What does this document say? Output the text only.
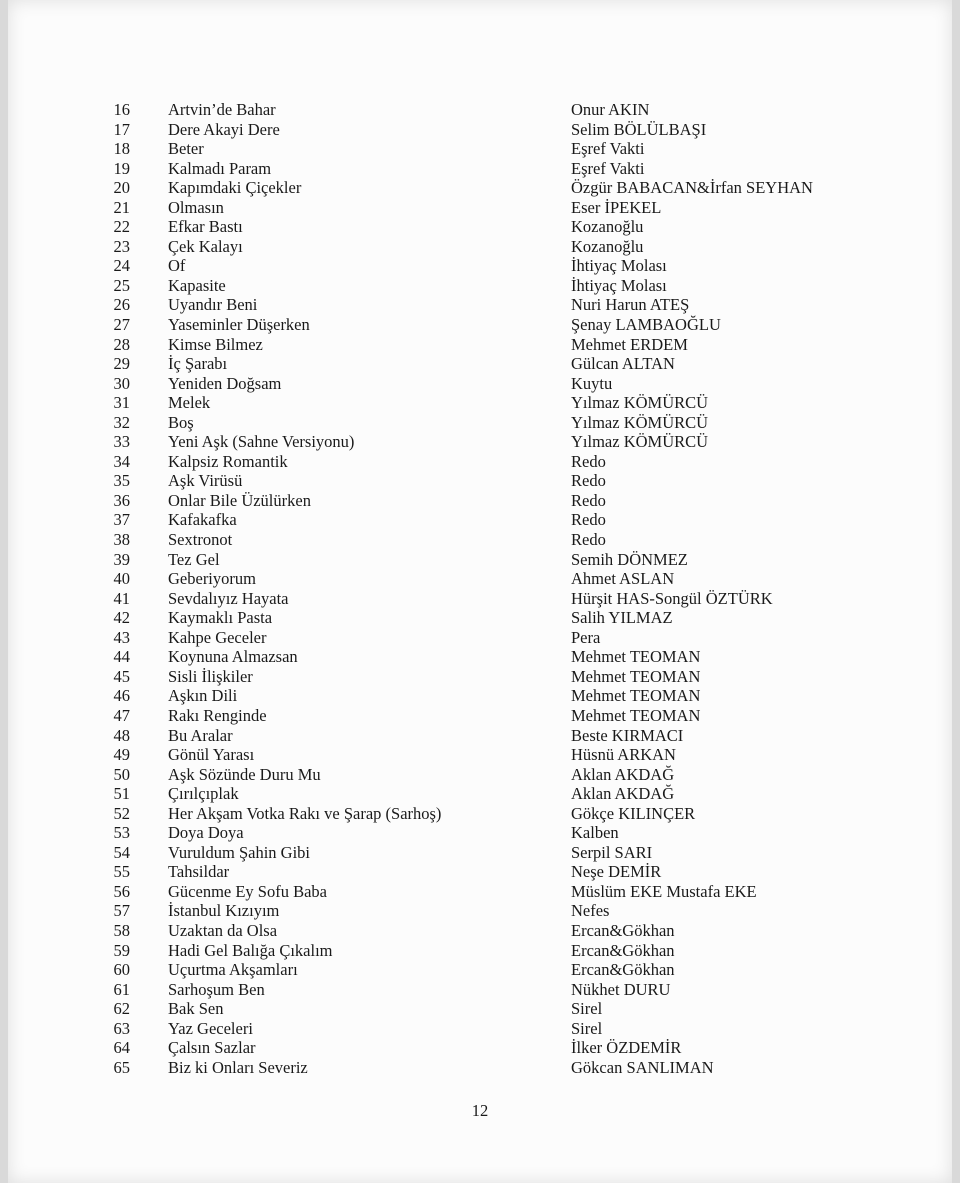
16 Artvin’de Bahar	Onur AKIN
17 Dere Akayi Dere	Selim BÖLÜLBAŞI
18 Beter	Eşref Vakti
19 Kalmadı Param	Eşref Vakti
20 Kapımdaki Çiçekler	Özgür BABACAN&İrfan SEYHAN
21 Olmasın	Eser İPEKEL
22 Efkar Bastı	Kozanoğlu
23 Çek Kalayı	Kozanoğlu
24 Of	İhtiyaç Molası
25 Kapasite	İhtiyaç Molası
26 Uyandır Beni	Nuri Harun ATEŞ
27 Yaseminler Düşerken	Şenay LAMBAOĞLU
28 Kimse Bilmez	Mehmet ERDEM
29 İç Şarabı	Gülcan ALTAN
30 Yeniden Doğsam	Kuytu
31 Melek	Yılmaz KÖMÜRCÜ
32 Boş	Yılmaz KÖMÜRCÜ
33 Yeni Aşk (Sahne Versiyonu)	Yılmaz KÖMÜRCÜ
34 Kalpsiz Romantik	Redo
35 Aşk Virüsü	Redo
36 Onlar Bile Üzülürken	Redo
37 Kafakafka	Redo
38 Sextronot	Redo
39 Tez Gel	Semih DÖNMEZ
40 Geberiyorum	Ahmet ASLAN
41 Sevdalıyız Hayata	Hürşit HAS-Songül ÖZTÜRK
42 Kaymaklı Pasta	Salih YILMAZ
43 Kahpe Geceler	Pera
44 Koynuna Almazsan	Mehmet TEOMAN
45 Sisli İlişkiler	Mehmet TEOMAN
46 Aşkın Dili	Mehmet TEOMAN
47 Rakı Renginde	Mehmet TEOMAN
48 Bu Aralar	Beste KIRMACI
49 Gönül Yarası	Hüsnü ARKAN
50 Aşk Sözünde Duru Mu	Aklan AKDAĞ
51 Çırılçıplak	Aklan AKDAĞ
52 Her Akşam Votka Rakı ve Şarap (Sarhoş)	Gökçe KILINÇER
53 Doya Doya	Kalben
54 Vuruldum Şahin Gibi	Serpil SARI
55 Tahsildar	Neşe DEMİR
56 Gücenme Ey Sofu Baba	Müslüm EKE Mustafa EKE
57 İstanbul Kızıyım	Nefes
58 Uzaktan da Olsa	Ercan&Gökhan
59 Hadi Gel Balığa Çıkalım	Ercan&Gökhan
60 Uçurtma Akşamları	Ercan&Gökhan
61 Sarhoşum Ben	Nükhet DURU
62 Bak Sen	Sirel
63 Yaz Geceleri	Sirel
64 Çalsın Sazlar	İlker ÖZDEMİR
65 Biz ki Onları Severiz	Gökcan SANLIMAN
12
